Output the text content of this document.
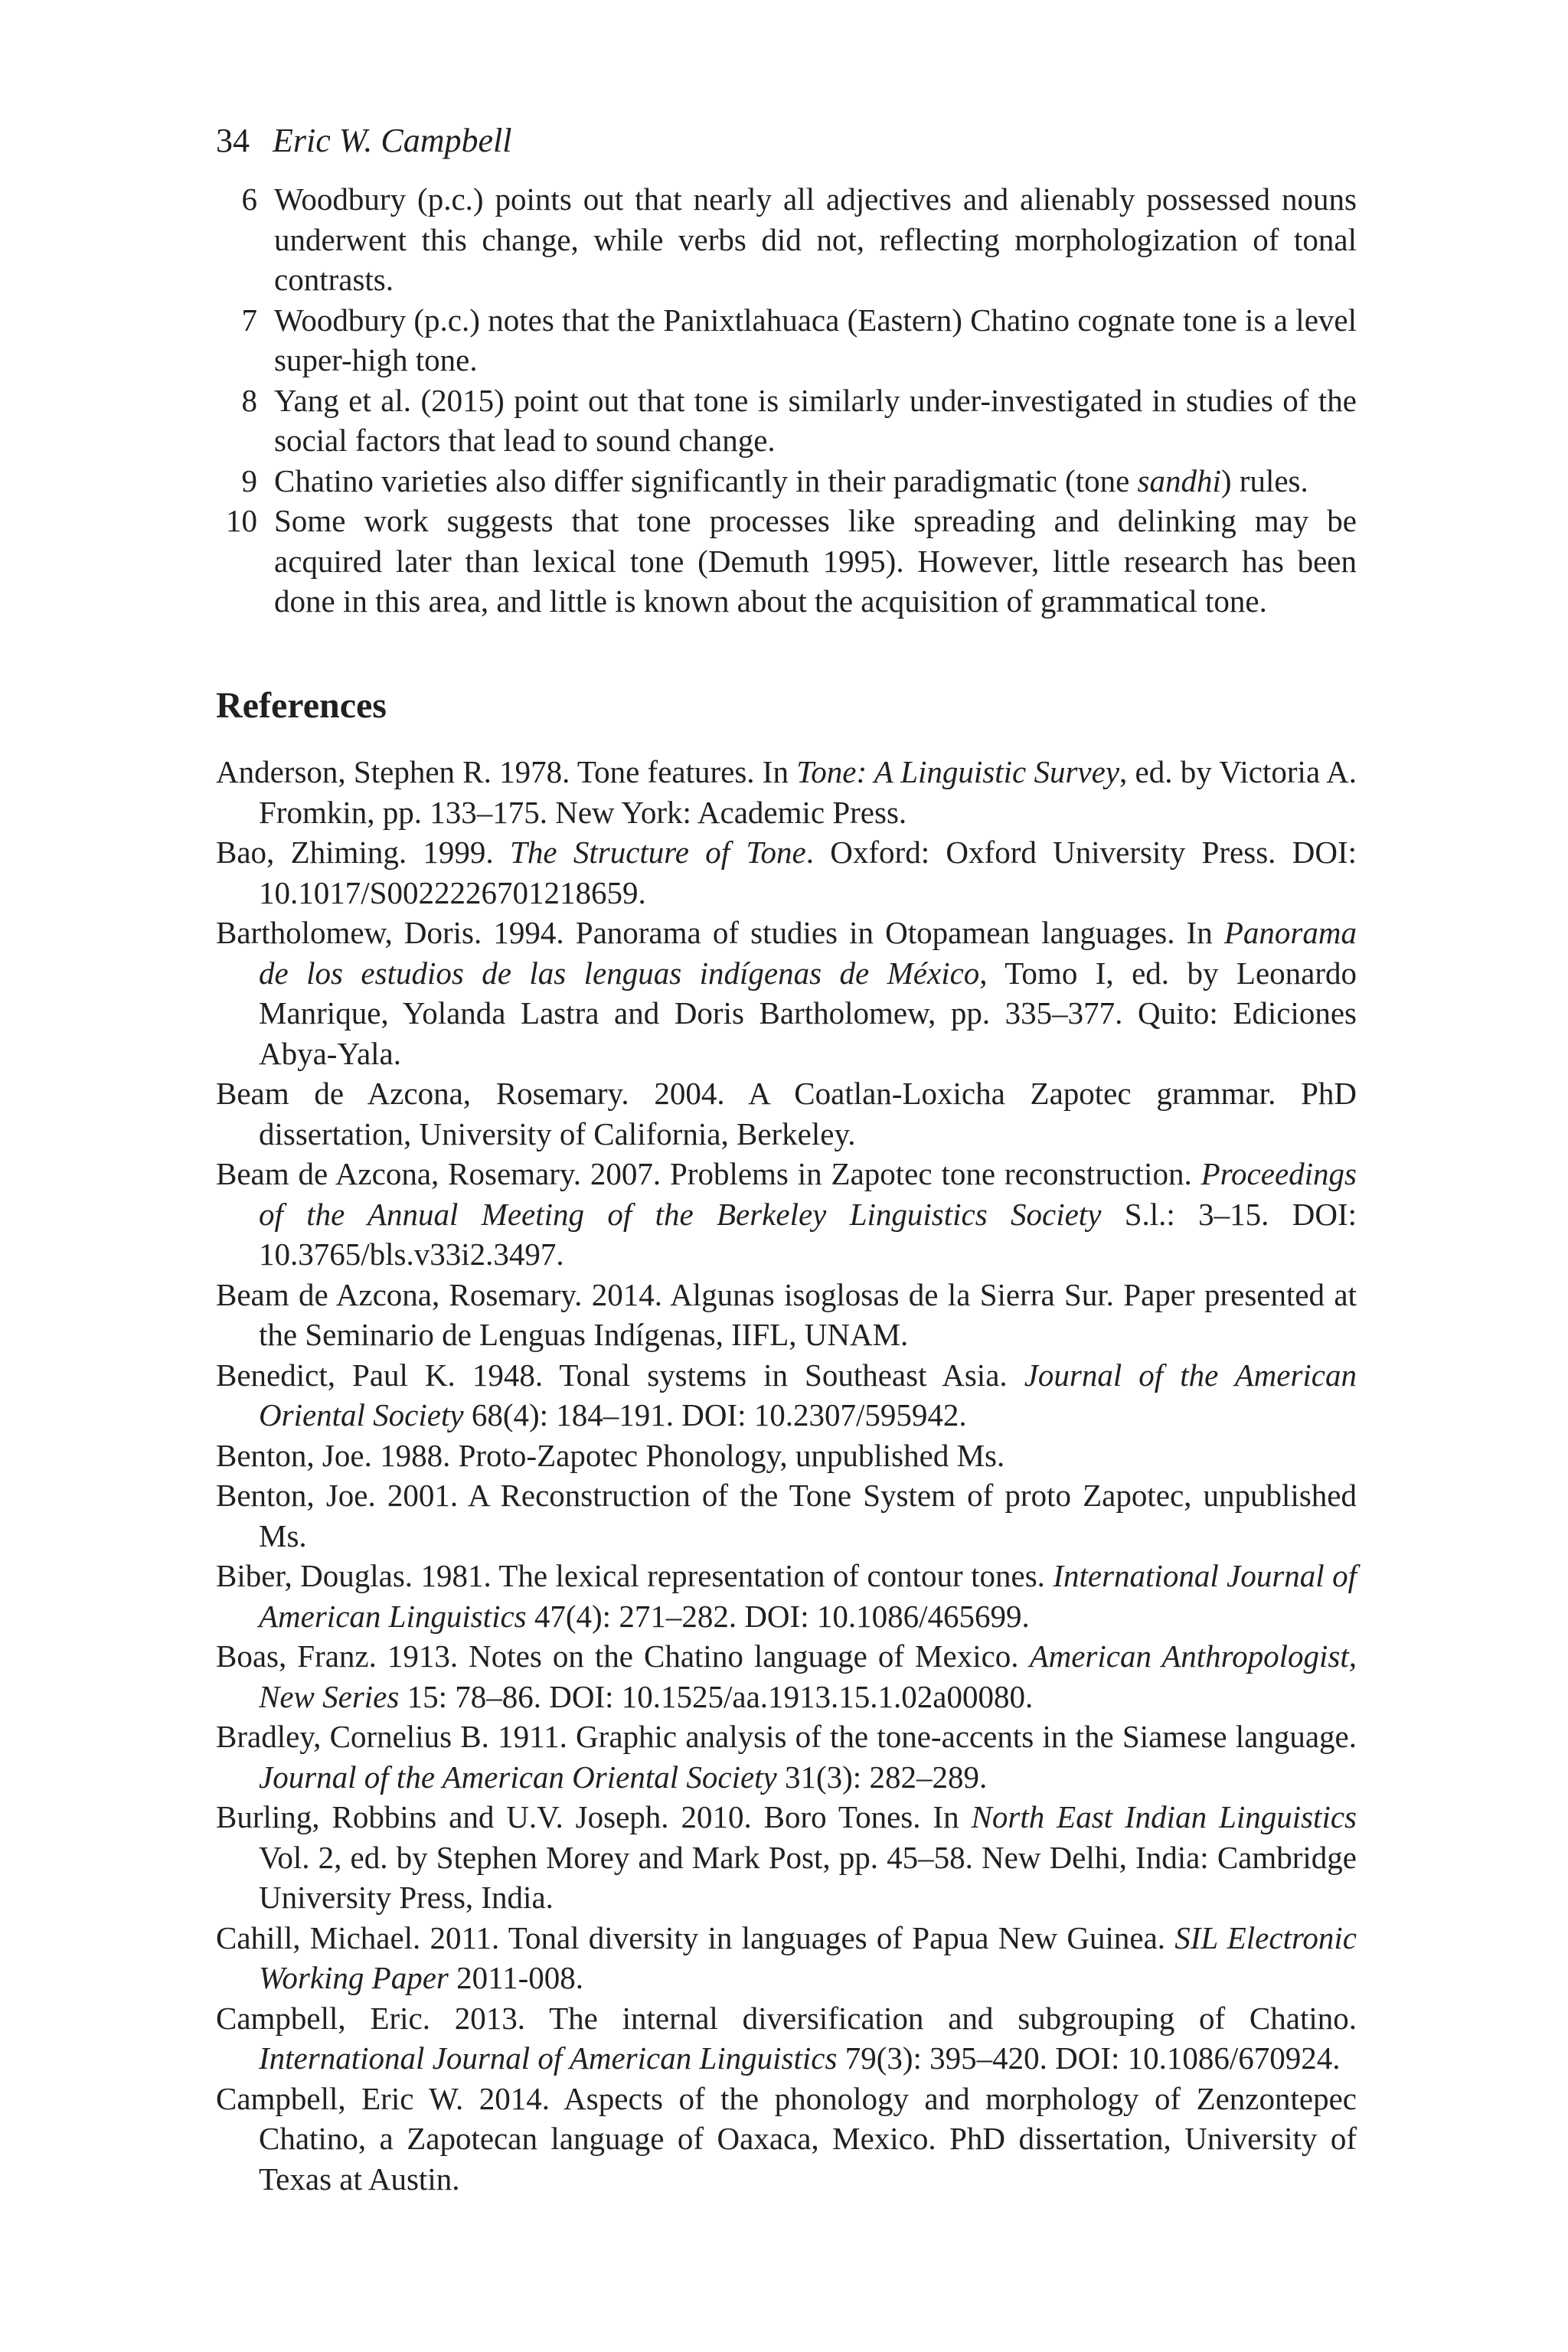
34 Eric W. Campbell
6 Woodbury (p.c.) points out that nearly all adjectives and alienably possessed nouns underwent this change, while verbs did not, reflecting morphologization of tonal contrasts.
7 Woodbury (p.c.) notes that the Panixtlahuaca (Eastern) Chatino cognate tone is a level super-high tone.
8 Yang et al. (2015) point out that tone is similarly under-investigated in studies of the social factors that lead to sound change.
9 Chatino varieties also differ significantly in their paradigmatic (tone sandhi) rules.
10 Some work suggests that tone processes like spreading and delinking may be acquired later than lexical tone (Demuth 1995). However, little research has been done in this area, and little is known about the acquisition of grammatical tone.
References

Anderson, Stephen R. 1978. Tone features. In Tone: A Linguistic Survey, ed. by Victoria A. Fromkin, pp. 133–175. New York: Academic Press.

Bao, Zhiming. 1999. The Structure of Tone. Oxford: Oxford University Press. DOI: 10.1017/S0022226701218659.

Bartholomew, Doris. 1994. Panorama of studies in Otopamean languages. In Panorama de los estudios de las lenguas indígenas de México, Tomo I, ed. by Leonardo Manrique, Yolanda Lastra and Doris Bartholomew, pp. 335–377. Quito: Ediciones Abya-Yala.

Beam de Azcona, Rosemary. 2004. A Coatlan-Loxicha Zapotec grammar. PhD dissertation, University of California, Berkeley.

Beam de Azcona, Rosemary. 2007. Problems in Zapotec tone reconstruction. Proceedings of the Annual Meeting of the Berkeley Linguistics Society S.l.: 3–15. DOI: 10.3765/bls.v33i2.3497.

Beam de Azcona, Rosemary. 2014. Algunas isoglosas de la Sierra Sur. Paper presented at the Seminario de Lenguas Indígenas, IIFL, UNAM.

Benedict, Paul K. 1948. Tonal systems in Southeast Asia. Journal of the American Oriental Society 68(4): 184–191. DOI: 10.2307/595942.

Benton, Joe. 1988. Proto-Zapotec Phonology, unpublished Ms.

Benton, Joe. 2001. A Reconstruction of the Tone System of proto Zapotec, unpublished Ms.

Biber, Douglas. 1981. The lexical representation of contour tones. International Journal of American Linguistics 47(4): 271–282. DOI: 10.1086/465699.

Boas, Franz. 1913. Notes on the Chatino language of Mexico. American Anthropologist, New Series 15: 78–86. DOI: 10.1525/aa.1913.15.1.02a00080.

Bradley, Cornelius B. 1911. Graphic analysis of the tone-accents in the Siamese language. Journal of the American Oriental Society 31(3): 282–289.

Burling, Robbins and U.V. Joseph. 2010. Boro Tones. In North East Indian Linguistics Vol. 2, ed. by Stephen Morey and Mark Post, pp. 45–58. New Delhi, India: Cambridge University Press, India.

Cahill, Michael. 2011. Tonal diversity in languages of Papua New Guinea. SIL Electronic Working Paper 2011-008.

Campbell, Eric. 2013. The internal diversification and subgrouping of Chatino. International Journal of American Linguistics 79(3): 395–420. DOI: 10.1086/670924.

Campbell, Eric W. 2014. Aspects of the phonology and morphology of Zenzontepec Chatino, a Zapotecan language of Oaxaca, Mexico. PhD dissertation, University of Texas at Austin.
